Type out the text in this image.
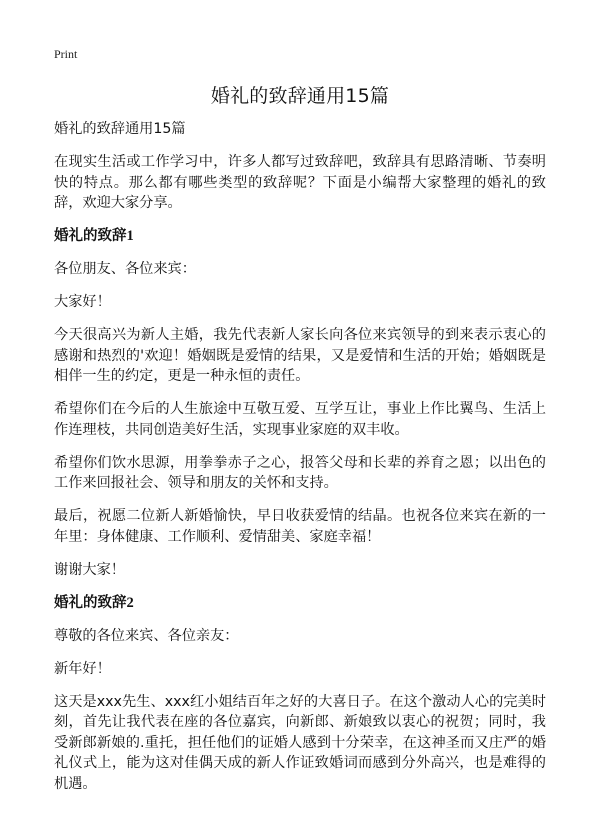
Print
婚礼的致辞通用15篇

婚礼的致辞通用15篇

在现实生活或工作学习中，许多人都写过致辞吧，致辞具有思路清晰、节奏明快的特点。那么都有哪些类型的致辞呢？下面是小编帮大家整理的婚礼的致辞，欢迎大家分享。

婚礼的致辞1

各位朋友、各位来宾：

大家好！

今天很高兴为新人主婚，我先代表新人家长向各位来宾领导的到来表示衷心的感谢和热烈的'欢迎！婚姻既是爱情的结果，又是爱情和生活的开始；婚姻既是相伴一生的约定，更是一种永恒的责任。

希望你们在今后的人生旅途中互敬互爱、互学互让，事业上作比翼鸟、生活上作连理枝，共同创造美好生活，实现事业家庭的双丰收。

希望你们饮水思源，用拳拳赤子之心，报答父母和长辈的养育之恩；以出色的工作来回报社会、领导和朋友的关怀和支持。

最后，祝愿二位新人新婚愉快，早日收获爱情的结晶。也祝各位来宾在新的一年里：身体健康、工作顺利、爱情甜美、家庭幸福！

谢谢大家！

婚礼的致辞2

尊敬的各位来宾、各位亲友：

新年好！

这天是xxx先生、xxx红小姐结百年之好的大喜日子。在这个激动人心的完美时刻，首先让我代表在座的各位嘉宾，向新郎、新娘致以衷心的祝贺；同时，我受新郎新娘的.重托，担任他们的证婚人感到十分荣幸，在这神圣而又庄严的婚礼仪式上，能为这对佳偶天成的新人作证致婚词而感到分外高兴，也是难得的机遇。
